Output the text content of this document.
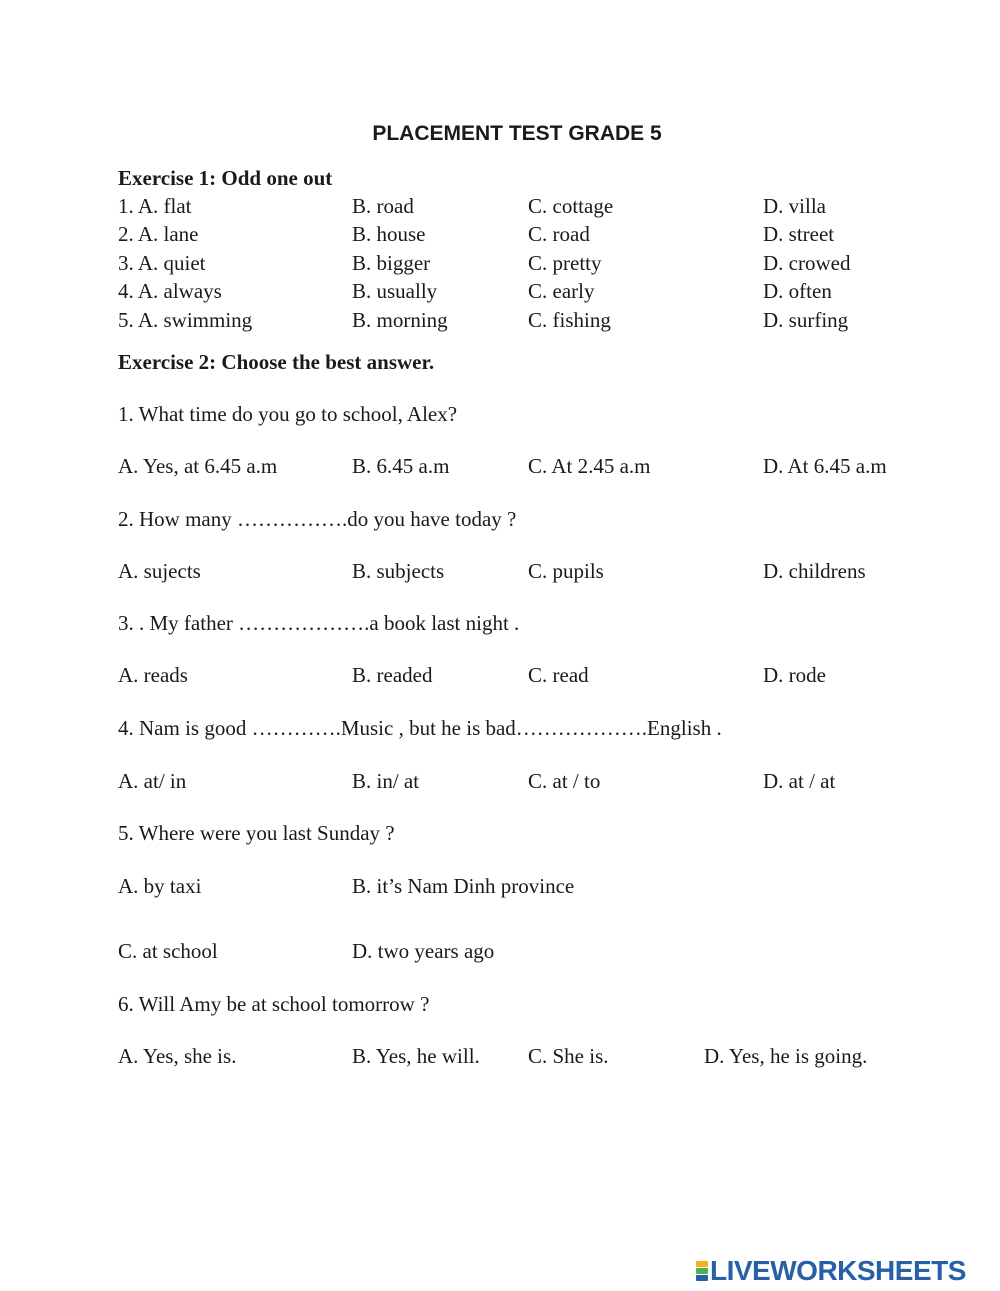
PLACEMENT TEST GRADE 5
Exercise 1: Odd one out
1. A. flat	B. road	C. cottage	D. villa
2. A. lane	B. house	C. road	D. street
3. A. quiet	B. bigger	C. pretty	D. crowed
4. A. always	B. usually	C. early	D. often
5. A. swimming	B. morning	C. fishing	D. surfing
Exercise 2: Choose the best answer.
1. What time do you go to school, Alex?
A. Yes, at 6.45 a.m	B. 6.45 a.m	C. At 2.45 a.m	D. At 6.45 a.m
2. How many …………….do you have today ?
A. sujects	B. subjects	C. pupils	D. childrens
3. . My father ……………….a book last night .
A. reads	B. readed	C. read	D. rode
4. Nam is good ………….Music , but he is bad……………….English .
A. at/ in	B. in/ at	C. at / to	D. at / at
5. Where were you last Sunday ?
A. by taxi	B. it’s Nam Dinh province
C. at school	D. two years ago
6. Will Amy be at school tomorrow ?
A. Yes, she is.	B. Yes, he will. C. She is.	D. Yes, he is going.
LIVEWORKSHEETS
